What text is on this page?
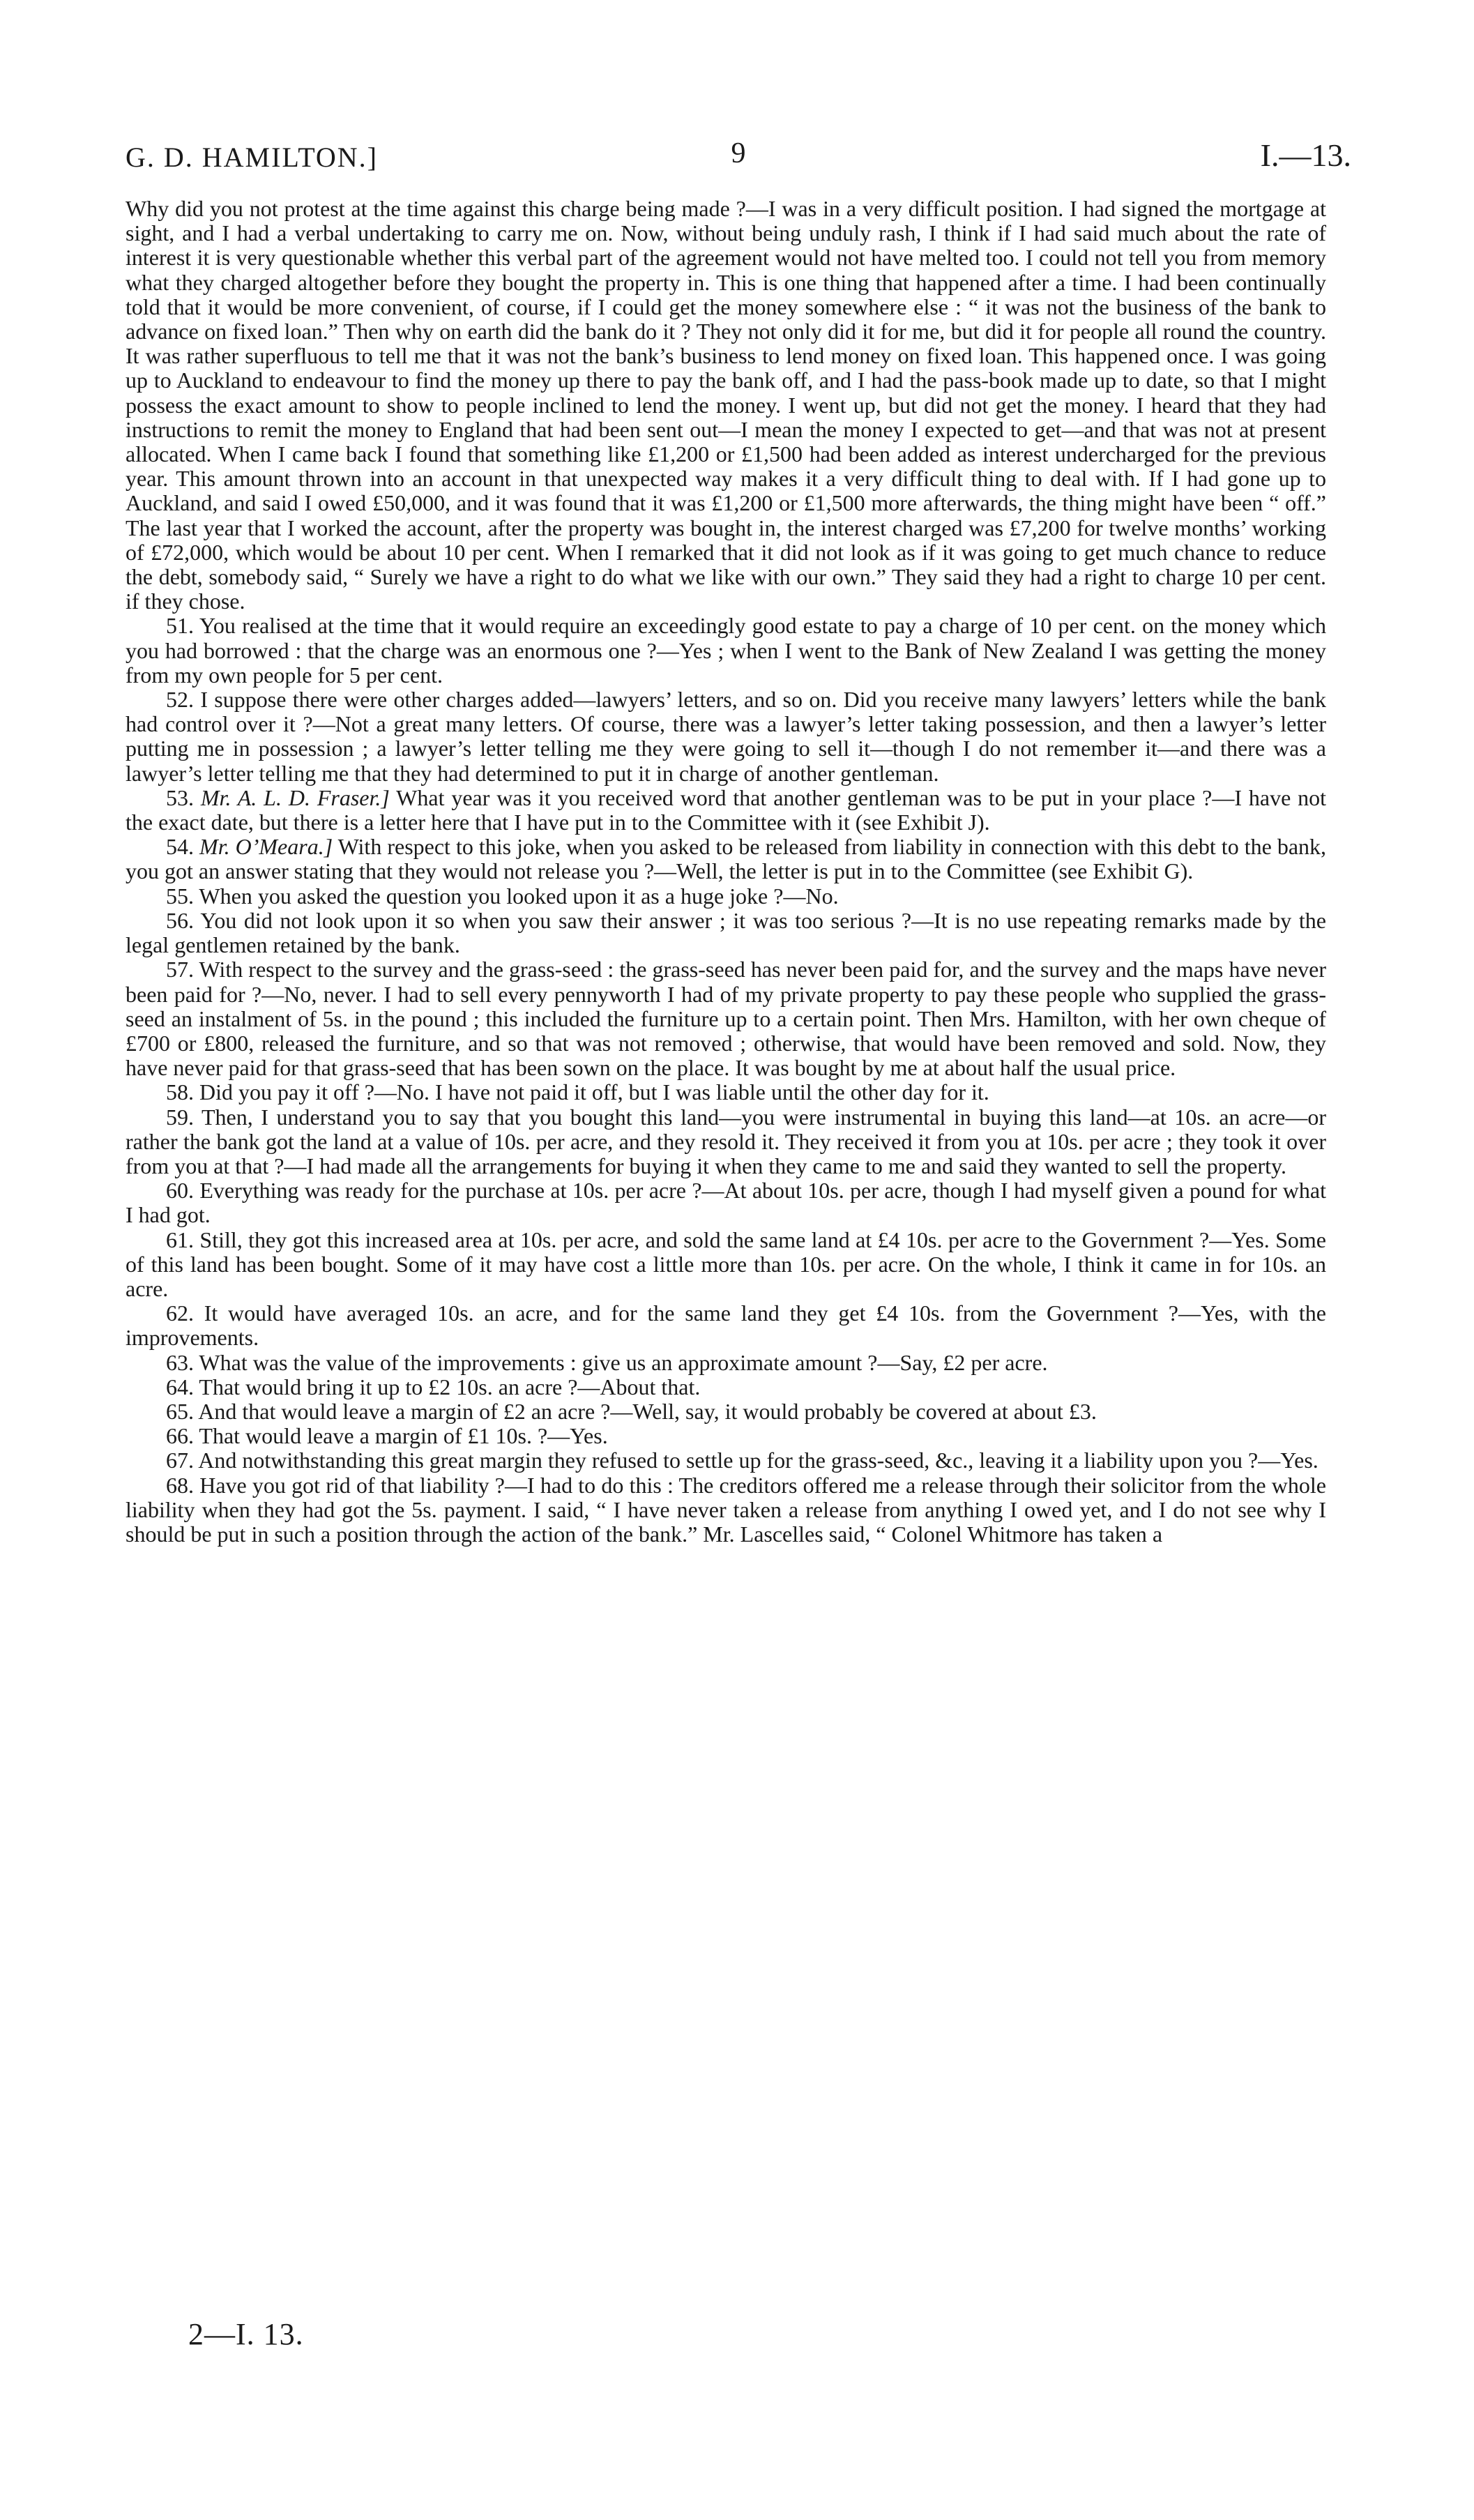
G. D. HAMILTON.]	9	I.—13.

Why did you not protest at the time against this charge being made ?—I was in a very difficult position. I had signed the mortgage at sight, and I had a verbal undertaking to carry me on. Now, without being unduly rash, I think if I had said much about the rate of interest it is very questionable whether this verbal part of the agreement would not have melted too. I could not tell you from memory what they charged altogether before they bought the property in. This is one thing that happened after a time. I had been continually told that it would be more convenient, of course, if I could get the money somewhere else : “ it was not the business of the bank to advance on fixed loan.” Then why on earth did the bank do it ? They not only did it for me, but did it for people all round the country. It was rather superfluous to tell me that it was not the bank’s business to lend money on fixed loan. This happened once. I was going up to Auckland to endeavour to find the money up there to pay the bank off, and I had the pass-book made up to date, so that I might possess the exact amount to show to people inclined to lend the money. I went up, but did not get the money. I heard that they had instructions to remit the money to England that had been sent out—I mean the money I expected to get—and that was not at present allocated. When I came back I found that something like £1,200 or £1,500 had been added as interest undercharged for the previous year. This amount thrown into an account in that unexpected way makes it a very difficult thing to deal with. If I had gone up to Auckland, and said I owed £50,000, and it was found that it was £1,200 or £1,500 more afterwards, the thing might have been “ off.” The last year that I worked the account, after the property was bought in, the interest charged was £7,200 for twelve months’ working of £72,000, which would be about 10 per cent. When I remarked that it did not look as if it was going to get much chance to reduce the debt, somebody said, “ Surely we have a right to do what we like with our own.” They said they had a right to charge 10 per cent. if they chose.

51. You realised at the time that it would require an exceedingly good estate to pay a charge of 10 per cent. on the money which you had borrowed : that the charge was an enormous one ?—Yes ; when I went to the Bank of New Zealand I was getting the money from my own people for 5 per cent.

52. I suppose there were other charges added—lawyers’ letters, and so on. Did you receive many lawyers’ letters while the bank had control over it ?—Not a great many letters. Of course, there was a lawyer’s letter taking possession, and then a lawyer’s letter putting me in possession ; a lawyer’s letter telling me they were going to sell it—though I do not remember it—and there was a lawyer’s letter telling me that they had determined to put it in charge of another gentleman.

53. Mr. A. L. D. Fraser.] What year was it you received word that another gentleman was to be put in your place ?—I have not the exact date, but there is a letter here that I have put in to the Committee with it (see Exhibit J).

54. Mr. O’Meara.] With respect to this joke, when you asked to be released from liability in connection with this debt to the bank, you got an answer stating that they would not release you ?—Well, the letter is put in to the Committee (see Exhibit G).

55. When you asked the question you looked upon it as a huge joke ?—No.

56. You did not look upon it so when you saw their answer ; it was too serious ?—It is no use repeating remarks made by the legal gentlemen retained by the bank.

57. With respect to the survey and the grass-seed : the grass-seed has never been paid for, and the survey and the maps have never been paid for ?—No, never. I had to sell every pennyworth I had of my private property to pay these people who supplied the grass-seed an instalment of 5s. in the pound ; this included the furniture up to a certain point. Then Mrs. Hamilton, with her own cheque of £700 or £800, released the furniture, and so that was not removed ; otherwise, that would have been removed and sold. Now, they have never paid for that grass-seed that has been sown on the place. It was bought by me at about half the usual price.

58. Did you pay it off ?—No. I have not paid it off, but I was liable until the other day for it.

59. Then, I understand you to say that you bought this land—you were instrumental in buying this land—at 10s. an acre—or rather the bank got the land at a value of 10s. per acre, and they resold it. They received it from you at 10s. per acre ; they took it over from you at that ?—I had made all the arrangements for buying it when they came to me and said they wanted to sell the property.

60. Everything was ready for the purchase at 10s. per acre ?—At about 10s. per acre, though I had myself given a pound for what I had got.

61. Still, they got this increased area at 10s. per acre, and sold the same land at £4 10s. per acre to the Government ?—Yes. Some of this land has been bought. Some of it may have cost a little more than 10s. per acre. On the whole, I think it came in for 10s. an acre.

62. It would have averaged 10s. an acre, and for the same land they get £4 10s. from the Government ?—Yes, with the improvements.

63. What was the value of the improvements : give us an approximate amount ?—Say, £2 per acre.

64. That would bring it up to £2 10s. an acre ?—About that.

65. And that would leave a margin of £2 an acre ?—Well, say, it would probably be covered at about £3.

66. That would leave a margin of £1 10s. ?—Yes.

67. And notwithstanding this great margin they refused to settle up for the grass-seed, &c., leaving it a liability upon you ?—Yes.

68. Have you got rid of that liability ?—I had to do this : The creditors offered me a release through their solicitor from the whole liability when they had got the 5s. payment. I said, “ I have never taken a release from anything I owed yet, and I do not see why I should be put in such a position through the action of the bank.” Mr. Lascelles said, “ Colonel Whitmore has taken a

2—I. 13.
